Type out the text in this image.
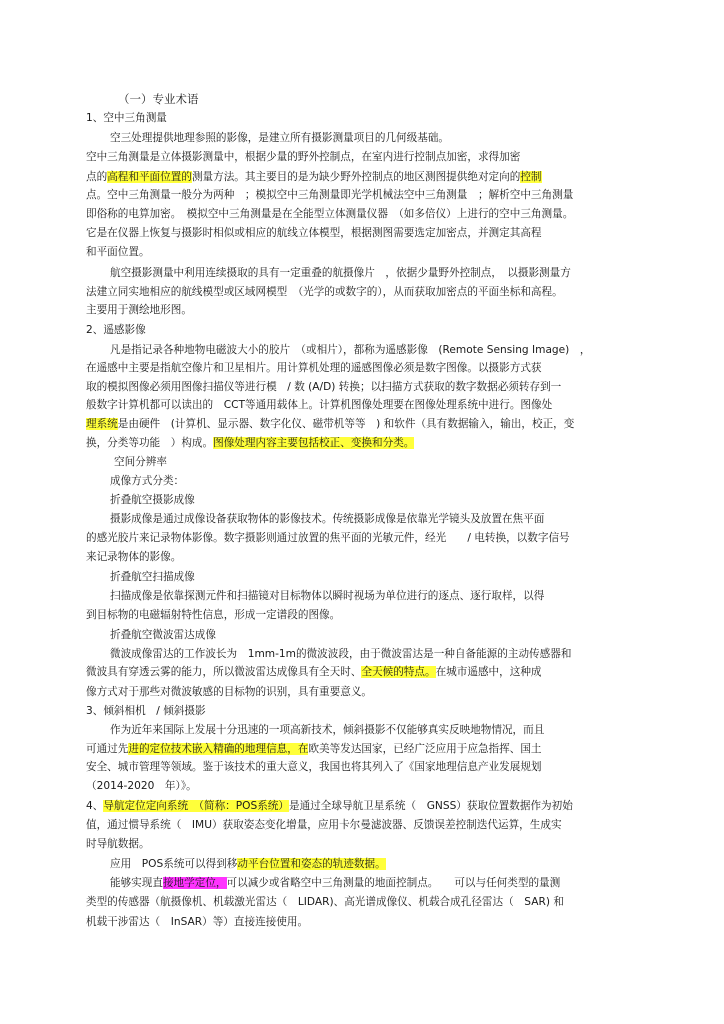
（一）专业术语
1、空中三角测量
空三处理提供地理参照的影像，是建立所有摄影测量项目的几何级基础。
空中三角测量是立体摄影测量中，根据少量的野外控制点，在室内进行控制点加密，求得加密
点的高程和平面位置的测量方法。其主要目的是为缺少野外控制点的地区测图提供绝对定向的控制
点。空中三角测量一般分为两种　；模拟空中三角测量即光学机械法空中三角测量　；解析空中三角测量
即俗称的电算加密。　模拟空中三角测量是在全能型立体测量仪器　（如多倍仪）上进行的空中三角测量。
它是在仪器上恢复与摄影时相似或相应的航线立体模型，根据测图需要选定加密点，并测定其高程
和平面位置。
航空摄影测量中利用连续摄取的具有一定重叠的航摄像片　，依据少量野外控制点，　以摄影测量方
法建立同实地相应的航线模型或区域网模型　（光学的或数字的），从而获取加密点的平面坐标和高程。
主要用于测绘地形图。
2、遥感影像
凡是指记录各种地物电磁波大小的胶片　（或相片），都称为遥感影像　(Remote Sensing Image)　，
在遥感中主要是指航空像片和卫星相片。用计算机处理的遥感图像必须是数字图像。以摄影方式获
取的模拟图像必须用图像扫描仪等进行模　/ 数 (A/D) 转换；以扫描方式获取的数字数据必须转存到一
般数字计算机都可以读出的　CCT等通用载体上。计算机图像处理要在图像处理系统中进行。图像处
理系统是由硬件　(计算机、显示器、数字化仪、磁带机等等　) 和软件（具有数据输入，输出，校正，变
换，分类等功能　）构成。图像处理内容主要包括校正、变换和分类。
空间分辨率
成像方式分类：
折叠航空摄影成像
摄影成像是通过成像设备获取物体的影像技术。传统摄影成像是依靠光学镜头及放置在焦平面
的感光胶片来记录物体影像。数字摄影则通过放置的焦平面的光敏元件，经光　　/ 电转换，以数字信号
来记录物体的影像。
折叠航空扫描成像
扫描成像是依靠探测元件和扫描镜对目标物体以瞬时视场为单位进行的逐点、逐行取样，以得
到目标物的电磁辐射特性信息，形成一定谱段的图像。
折叠航空微波雷达成像
微波成像雷达的工作波长为　1mm-1m的微波波段，由于微波雷达是一种自备能源的主动传感器和
微波具有穿透云雾的能力，所以微波雷达成像具有全天时、全天候的特点。在城市遥感中，这种成
像方式对于那些对微波敏感的目标物的识别，具有重要意义。
3、倾斜相机　/ 倾斜摄影
作为近年来国际上发展十分迅速的一项高新技术，倾斜摄影不仅能够真实反映地物情况，而且
可通过先进的定位技术嵌入精确的地理信息，在欧美等发达国家，已经广泛应用于应急指挥、国土
安全、城市管理等领域。鉴于该技术的重大意义，我国也将其列入了《国家地理信息产业发展规划
（2014-2020　年）》。
4、导航定位定向系统　（简称：POS系统）是通过全球导航卫星系统（　GNSS）获取位置数据作为初始
值，通过惯导系统（　IMU）获取姿态变化增量，应用卡尔曼滤波器、反馈误差控制迭代运算，生成实
时导航数据。
应用　POS系统可以得到移动平台位置和姿态的轨迹数据。
能够实现直接地学定位，可以减少或省略空中三角测量的地面控制点。　　可以与任何类型的量测
类型的传感器（航摄像机、机载激光雷达（　LIDAR)、高光谱成像仪、机载合成孔径雷达（　SAR) 和
机载干涉雷达（　InSAR）等）直接连接使用。
